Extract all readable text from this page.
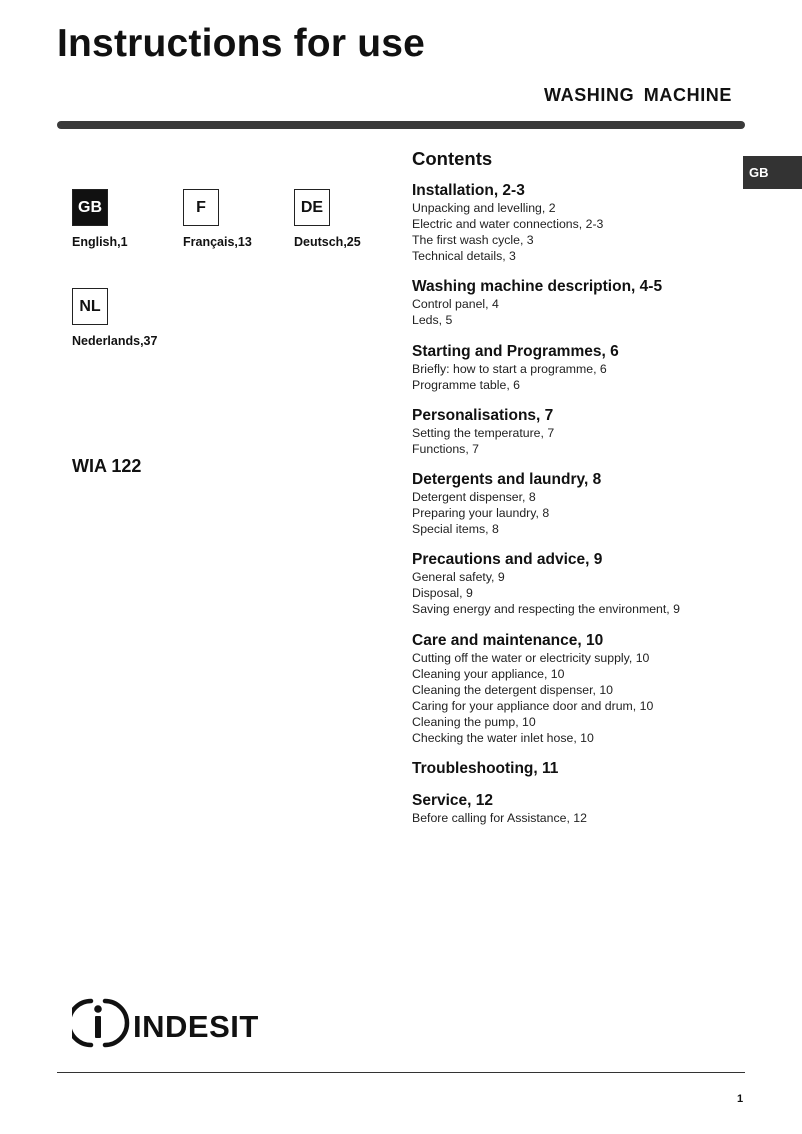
Instructions for use
WASHING MACHINE
GB
GB
English,1
F
Français,13
DE
Deutsch,25
NL
Nederlands,37
WIA 122
Contents
Installation, 2-3
Unpacking and levelling, 2
Electric and water connections, 2-3
The first wash cycle, 3
Technical details, 3
Washing machine description, 4-5
Control panel, 4
Leds, 5
Starting and Programmes, 6
Briefly: how to start a programme, 6
Programme table, 6
Personalisations, 7
Setting the temperature, 7
Functions, 7
Detergents and laundry, 8
Detergent dispenser, 8
Preparing your laundry, 8
Special items, 8
Precautions and advice, 9
General safety, 9
Disposal, 9
Saving energy and respecting the environment, 9
Care and maintenance, 10
Cutting off the water or electricity supply, 10
Cleaning your appliance, 10
Cleaning the detergent dispenser, 10
Caring for your appliance door and drum, 10
Cleaning the pump, 10
Checking the water inlet hose, 10
Troubleshooting, 11
Service, 12
Before calling for Assistance, 12
INDESIT
1
